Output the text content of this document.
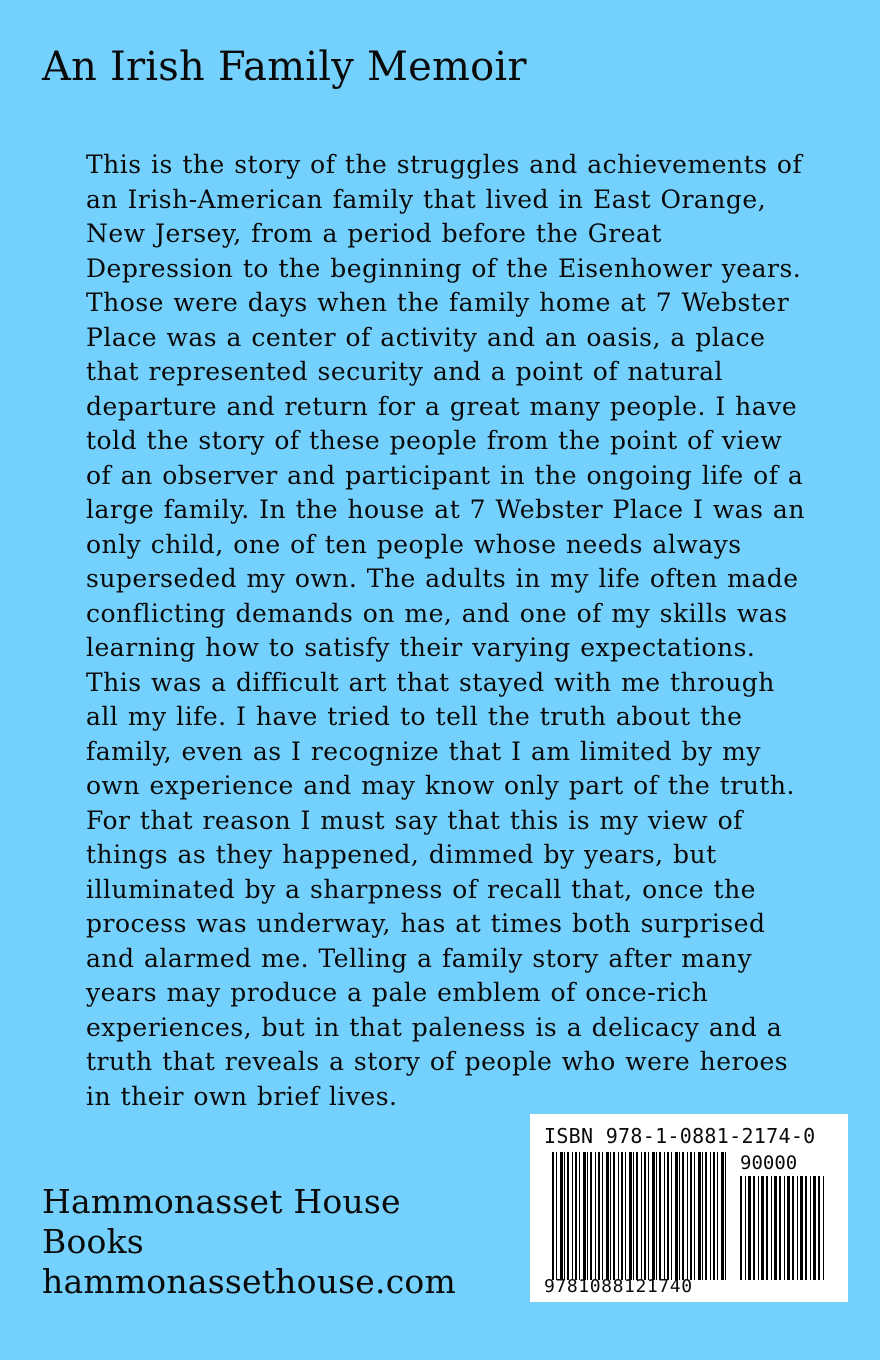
An Irish Family Memoir

This is the story of the struggles and achievements of an Irish-American family that lived in East Orange, New Jersey, from a period before the Great Depression to the beginning of the Eisenhower years. Those were days when the family home at 7 Webster Place was a center of activity and an oasis, a place that represented security and a point of natural departure and return for a great many people. I have told the story of these people from the point of view of an observer and participant in the ongoing life of a large family. In the house at 7 Webster Place I was an only child, one of ten people whose needs always superseded my own. The adults in my life often made conflicting demands on me, and one of my skills was learning how to satisfy their varying expectations. This was a difficult art that stayed with me through all my life. I have tried to tell the truth about the family, even as I recognize that I am limited by my own experience and may know only part of the truth. For that reason I must say that this is my view of things as they happened, dimmed by years, but illuminated by a sharpness of recall that, once the process was underway, has at times both surprised and alarmed me. Telling a family story after many years may produce a pale emblem of once-rich experiences, but in that paleness is a delicacy and a truth that reveals a story of people who were heroes in their own brief lives.

Hammonasset House
Books
hammonassethouse.com
ISBN 978-1-0881-2174-0
90000
9781088121740
